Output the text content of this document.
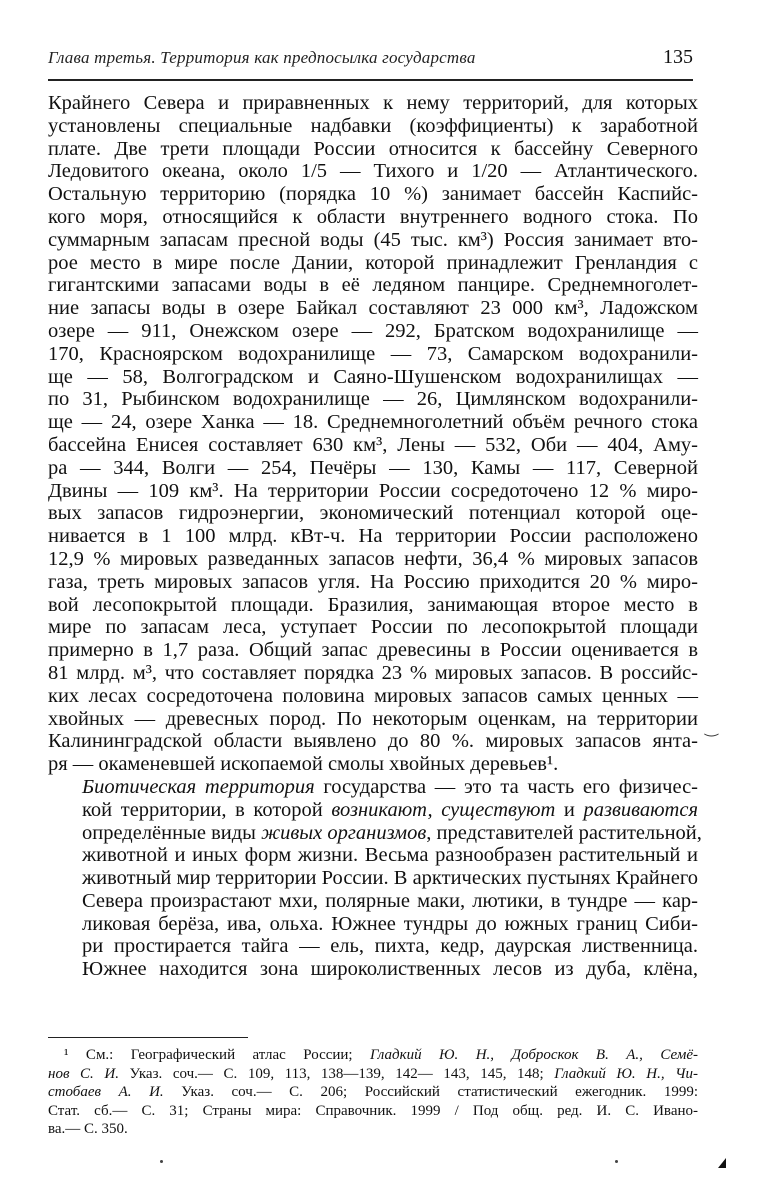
Глава третья. Территория как предпосылка государства	135

Крайнего Севера и приравненных к нему территорий, для которых
установлены специальные надбавки (коэффициенты) к заработной
плате. Две трети площади России относится к бассейну Северного
Ледовитого океана, около 1/5 — Тихого и 1/20 — Атлантического.
Остальную территорию (порядка 10 %) занимает бассейн Каспийс-
кого моря, относящийся к области внутреннего водного стока. По
суммарным запасам пресной воды (45 тыс. км³) Россия занимает вто-
рое место в мире после Дании, которой принадлежит Гренландия с
гигантскими запасами воды в её ледяном панцире. Среднемноголет-
ние запасы воды в озере Байкал составляют 23 000 км³, Ладожском
озере — 911, Онежском озере — 292, Братском водохранилище —
170, Красноярском водохранилище — 73, Самарском водохранили-
ще — 58, Волгоградском и Саяно-Шушенском водохранилищах —
по 31, Рыбинском водохранилище — 26, Цимлянском водохранили-
ще — 24, озере Ханка — 18. Среднемноголетний объём речного стока
бассейна Енисея составляет 630 км³, Лены — 532, Оби — 404, Аму-
ра — 344, Волги — 254, Печёры — 130, Камы — 117, Северной
Двины — 109 км³. На территории России сосредоточено 12 % миро-
вых запасов гидроэнергии, экономический потенциал которой оце-
нивается в 1 100 млрд. кВт-ч. На территории России расположено
12,9 % мировых разведанных запасов нефти, 36,4 % мировых запасов
газа, треть мировых запасов угля. На Россию приходится 20 % миро-
вой лесопокрытой площади. Бразилия, занимающая второе место в
мире по запасам леса, уступает России по лесопокрытой площади
примерно в 1,7 раза. Общий запас древесины в России оценивается в
81 млрд. м³, что составляет порядка 23 % мировых запасов. В российс-
ких лесах сосредоточена половина мировых запасов самых ценных —
хвойных — древесных пород. По некоторым оценкам, на территории
Калининградской области выявлено до 80 %. мировых запасов янта-
ря — окаменевшей ископаемой смолы хвойных деревьев¹.

Биотическая территория государства — это та часть его физичес-
кой территории, в которой возникают, существуют и развиваются
определённые виды живых организмов, представителей растительной,
животной и иных форм жизни. Весьма разнообразен растительный и
животный мир территории России. В арктических пустынях Крайнего
Севера произрастают мхи, полярные маки, лютики, в тундре — кар-
ликовая берёза, ива, ольха. Южнее тундры до южных границ Сиби-
ри простирается тайга — ель, пихта, кедр, даурская лиственница.
Южнее находится зона широколиственных лесов из дуба, клёна,

‿
¹ См.: Географический атлас России; Гладкий Ю. Н., Доброскок В. А., Семё-
нов С. И. Указ. соч.— С. 109, 113, 138—139, 142— 143, 145, 148; Гладкий Ю. Н., Чи-
стобаев А. И. Указ. соч.— С. 206; Российский статистический ежегодник. 1999:
Стат. сб.— С. 31; Страны мира: Справочник. 1999 / Под общ. ред. И. С. Ивано-
ва.— С. 350.
